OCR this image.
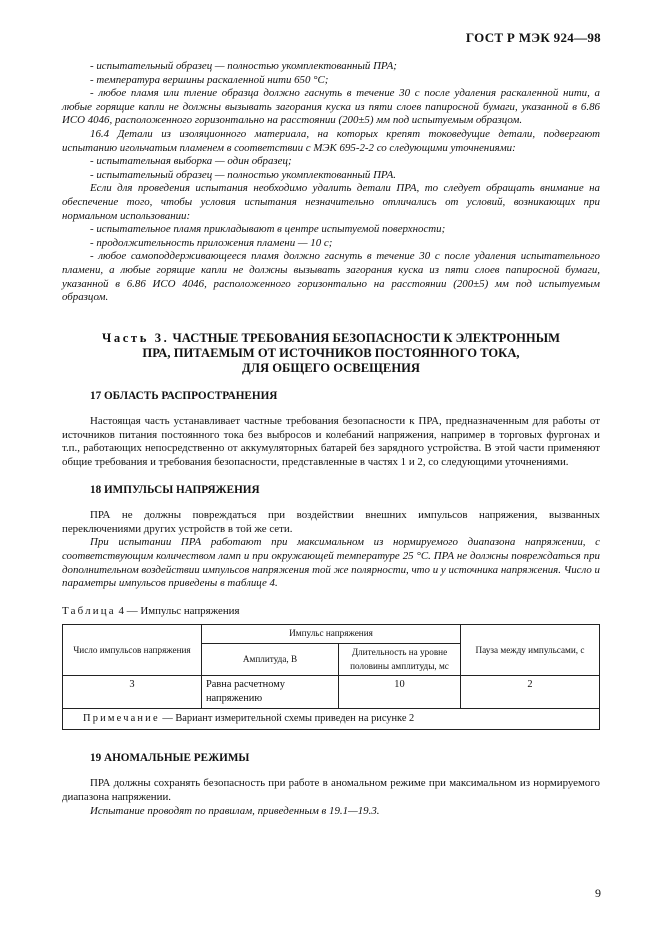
ГОСТ Р МЭК 924—98

- испытательный образец — полностью укомплектованный ПРА;

- температура вершины раскаленной нити 650 °С;

- любое пламя или тление образца должно гаснуть в течение 30 с после удаления раскаленной нити, а любые горящие капли не должны вызывать загорания куска из пяти слоев папиросной бумаги, указанной в 6.86 ИСО 4046, расположенного горизонтально на расстоянии (200±5) мм под испытуемым образцом.

16.4 Детали из изоляционного материала, на которых крепят токоведущие детали, подвергают испытанию игольчатым пламенем в соответствии с МЭК 695-2-2 со следующими уточнениями:

- испытательная выборка — один образец;

- испытательный образец — полностью укомплектованный ПРА.

Если для проведения испытания необходимо удалить детали ПРА, то следует обращать внимание на обеспечение того, чтобы условия испытания незначительно отличались от условий, возникающих при нормальном использовании:

- испытательное пламя прикладывают в центре испытуемой поверхности;

- продолжительность приложения пламени — 10 с;

- любое самоподдерживающееся пламя должно гаснуть в течение 30 с после удаления испытательного пламени, а любые горящие капли не должны вызывать загорания куска из пяти слоев папиросной бумаги, указанной в 6.86 ИСО 4046, расположенного горизонтально на расстоянии (200±5) мм под испытуемым образцом.

Часть 3. ЧАСТНЫЕ ТРЕБОВАНИЯ БЕЗОПАСНОСТИ К ЭЛЕКТРОННЫМ
ПРА, ПИТАЕМЫМ ОТ ИСТОЧНИКОВ ПОСТОЯННОГО ТОКА,
ДЛЯ ОБЩЕГО ОСВЕЩЕНИЯ
17 ОБЛАСТЬ РАСПРОСТРАНЕНИЯ

Настоящая часть устанавливает частные требования безопасности к ПРА, предназначенным для работы от источников питания постоянного тока без выбросов и колебаний напряжения, например в торговых фургонах и т.п., работающих непосредственно от аккумуляторных батарей без зарядного устройства. В этой части применяют общие требования и требования безопасности, представленные в частях 1 и 2, со следующими уточнениями.

18 ИМПУЛЬСЫ НАПРЯЖЕНИЯ

ПРА не должны повреждаться при воздействии внешних импульсов напряжения, вызванных переключениями других устройств в той же сети.

При испытании ПРА работают при максимальном из нормируемого диапазона напряжении, с соответствующим количеством ламп и при окружающей температуре 25 °С. ПРА не должны повреждаться при дополнительном воздействии импульсов напряжения той же полярности, что и у источника напряжения. Число и параметры импульсов приведены в таблице 4.

Таблица 4 — Импульс напряжения
Число импульсов напряжения	Импульс напряжения		Пауза между импульсами, с
	Амплитуда, В	Длительность на уровне половины амплитуды, мс	
3	Равна расчетному напряжению	10	2
Примечание — Вариант измерительной схемы приведен на рисунке 2			
19 АНОМАЛЬНЫЕ РЕЖИМЫ

ПРА должны сохранять безопасность при работе в аномальном режиме при максимальном из нормируемого диапазона напряжении.

Испытание проводят по правилам, приведенным в 19.1—19.3.

9
